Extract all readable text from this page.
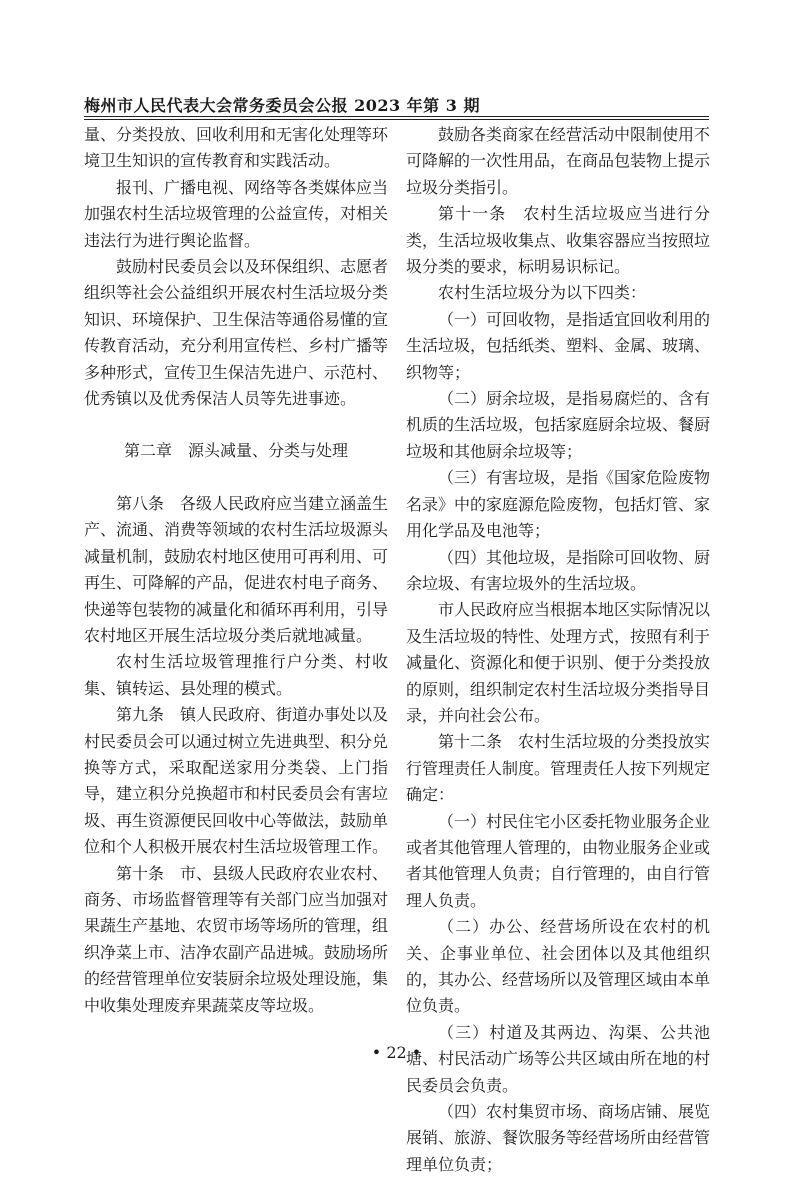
梅州市人民代表大会常务委员会公报 2023 年第 3 期

量、分类投放、回收利用和无害化处理等环境卫生知识的宣传教育和实践活动。

报刊、广播电视、网络等各类媒体应当加强农村生活垃圾管理的公益宣传，对相关违法行为进行舆论监督。

鼓励村民委员会以及环保组织、志愿者组织等社会公益组织开展农村生活垃圾分类知识、环境保护、卫生保洁等通俗易懂的宣传教育活动，充分利用宣传栏、乡村广播等多种形式，宣传卫生保洁先进户、示范村、优秀镇以及优秀保洁人员等先进事迹。

第二章　源头减量、分类与处理

第八条　各级人民政府应当建立涵盖生产、流通、消费等领域的农村生活垃圾源头减量机制，鼓励农村地区使用可再利用、可再生、可降解的产品，促进农村电子商务、快递等包装物的减量化和循环再利用，引导农村地区开展生活垃圾分类后就地减量。

农村生活垃圾管理推行户分类、村收集、镇转运、县处理的模式。

第九条　镇人民政府、街道办事处以及村民委员会可以通过树立先进典型、积分兑换等方式，采取配送家用分类袋、上门指导，建立积分兑换超市和村民委员会有害垃圾、再生资源便民回收中心等做法，鼓励单位和个人积极开展农村生活垃圾管理工作。

第十条　市、县级人民政府农业农村、商务、市场监督管理等有关部门应当加强对果蔬生产基地、农贸市场等场所的管理，组织净菜上市、洁净农副产品进城。鼓励场所的经营管理单位安装厨余垃圾处理设施，集中收集处理废弃果蔬菜皮等垃圾。

鼓励各类商家在经营活动中限制使用不可降解的一次性用品，在商品包装物上提示垃圾分类指引。

第十一条　农村生活垃圾应当进行分类，生活垃圾收集点、收集容器应当按照垃圾分类的要求，标明易识标记。

农村生活垃圾分为以下四类：

（一）可回收物，是指适宜回收利用的生活垃圾，包括纸类、塑料、金属、玻璃、织物等；

（二）厨余垃圾，是指易腐烂的、含有机质的生活垃圾，包括家庭厨余垃圾、餐厨垃圾和其他厨余垃圾等；

（三）有害垃圾，是指《国家危险废物名录》中的家庭源危险废物，包括灯管、家用化学品及电池等；

（四）其他垃圾，是指除可回收物、厨余垃圾、有害垃圾外的生活垃圾。

市人民政府应当根据本地区实际情况以及生活垃圾的特性、处理方式，按照有利于减量化、资源化和便于识别、便于分类投放的原则，组织制定农村生活垃圾分类指导目录，并向社会公布。

第十二条　农村生活垃圾的分类投放实行管理责任人制度。管理责任人按下列规定确定：

（一）村民住宅小区委托物业服务企业或者其他管理人管理的，由物业服务企业或者其他管理人负责；自行管理的，由自行管理人负责。

（二）办公、经营场所设在农村的机关、企事业单位、社会团体以及其他组织的，其办公、经营场所以及管理区域由本单位负责。

（三）村道及其两边、沟渠、公共池塘、村民活动广场等公共区域由所在地的村民委员会负责。

（四）农村集贸市场、商场店铺、展览展销、旅游、餐饮服务等经营场所由经营管理单位负责；

• 22 •
